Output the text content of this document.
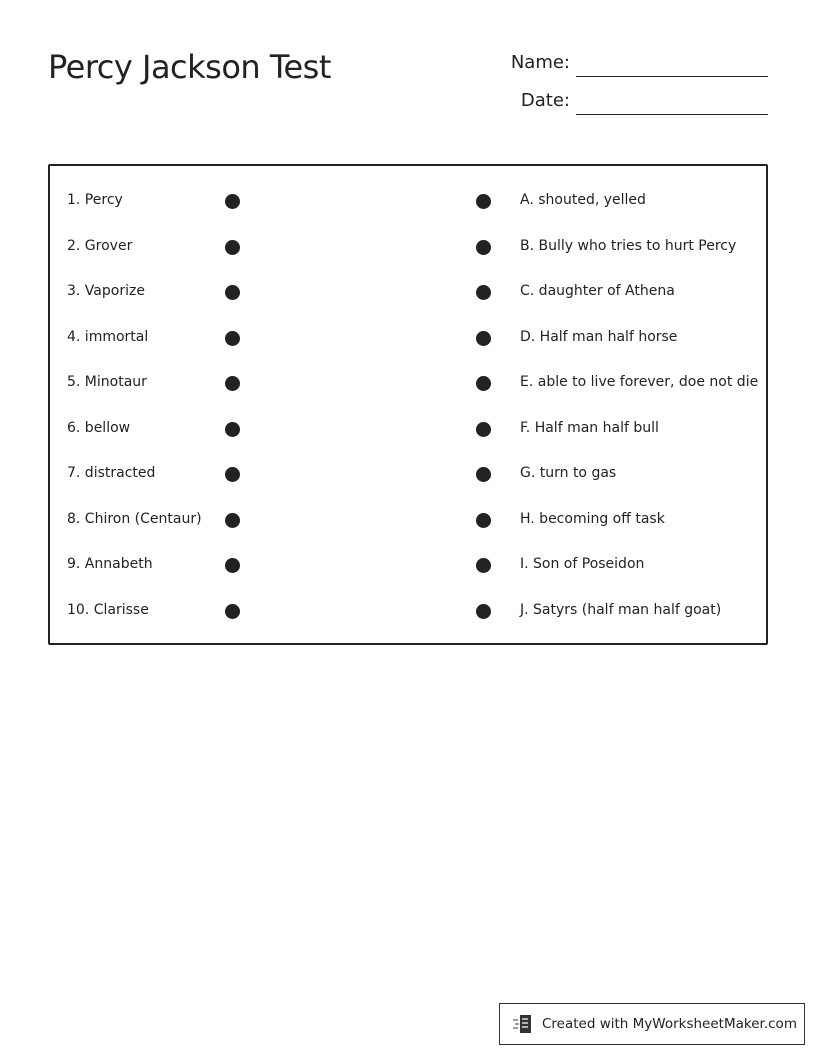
Percy Jackson Test	Name:
Date:
1. Percy	A. shouted, yelled
2. Grover	B. Bully who tries to hurt Percy
3. Vaporize	C. daughter of Athena
4. immortal	D. Half man half horse
5. Minotaur	E. able to live forever, doe not die
6. bellow	F. Half man half bull
7. distracted	G. turn to gas
8. Chiron (Centaur)	H. becoming off task
9. Annabeth	I. Son of Poseidon
10. Clarisse	J. Satyrs (half man half goat)
Created with MyWorksheetMaker.com
